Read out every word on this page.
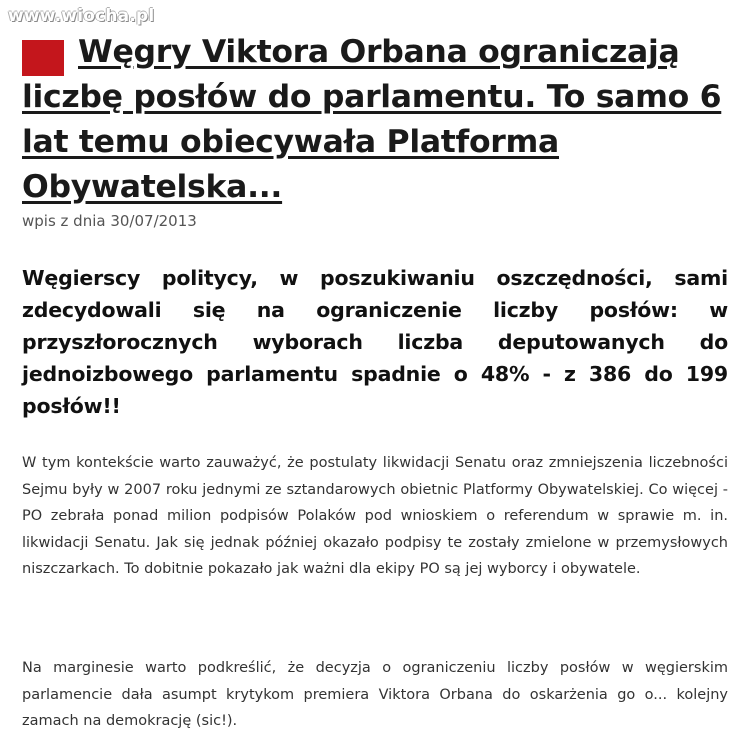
www.wiocha.pl
Węgry Viktora Orbana ograniczają liczbę posłów do parlamentu. To samo 6 lat temu obiecywała Platforma Obywatelska...
wpis z dnia 30/07/2013

Węgierscy politycy, w poszukiwaniu oszczędności, sami zdecydowali się na ograniczenie liczby posłów: w przyszłorocznych wyborach liczba deputowanych do jednoizbowego parlamentu spadnie o 48% - z 386 do 199 posłów!!

W tym kontekście warto zauważyć, że postulaty likwidacji Senatu oraz zmniejszenia liczebności Sejmu były w 2007 roku jednymi ze sztandarowych obietnic Platformy Obywatelskiej. Co więcej - PO zebrała ponad milion podpisów Polaków pod wnioskiem o referendum w sprawie m. in. likwidacji Senatu. Jak się jednak później okazało podpisy te zostały zmielone w przemysłowych niszczarkach. To dobitnie pokazało jak ważni dla ekipy PO są jej wyborcy i obywatele.

Na marginesie warto podkreślić, że decyzja o ograniczeniu liczby posłów w węgierskim parlamencie dała asumpt krytykom premiera Viktora Orbana do oskarżenia go o... kolejny zamach na demokrację (sic!).
